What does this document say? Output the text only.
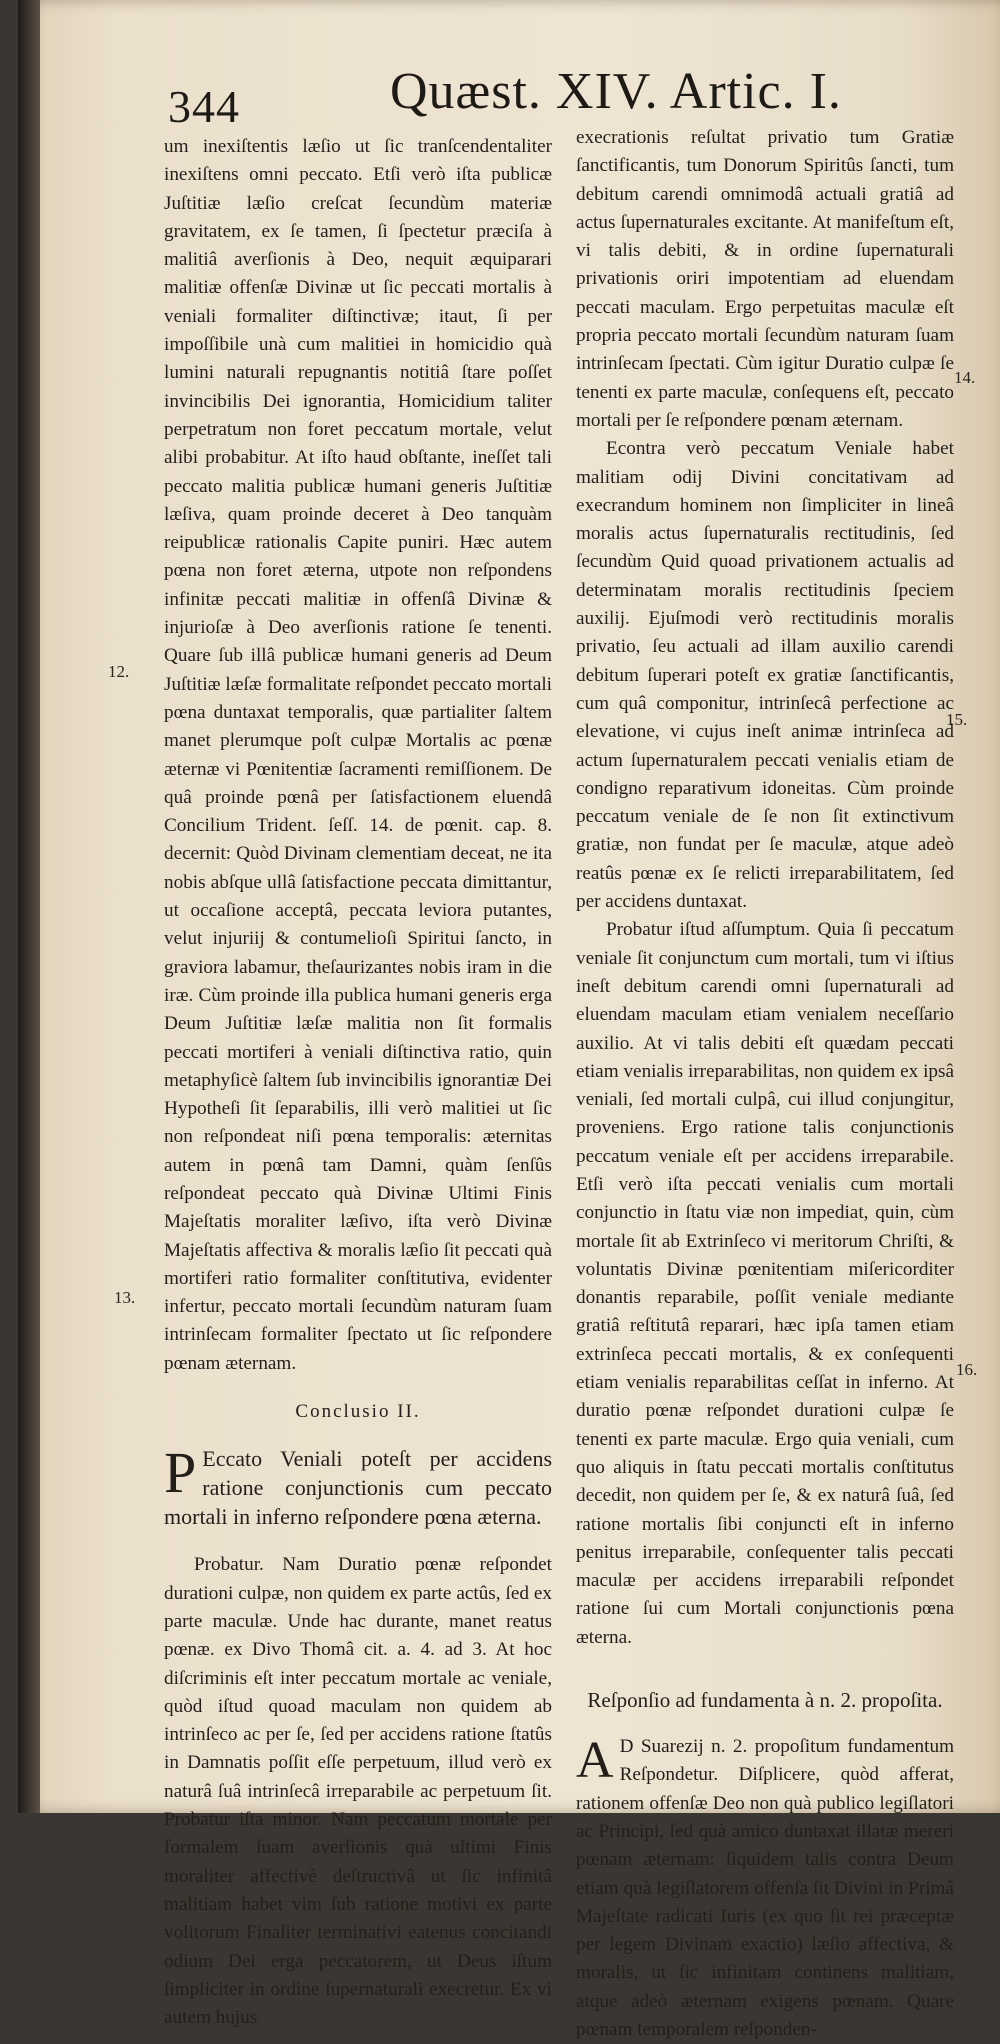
344	Quæst. XIV. Artic. I.

um inexiſtentis læſio ut ſic tranſcendentaliter inexiſtens omni peccato. Etſi verò iſta publicæ Juſtitiæ læſio creſcat ſecundùm materiæ gravitatem, ex ſe tamen, ſi ſpectetur præciſa à malitiâ averſionis à Deo, nequit æquiparari malitiæ offenſæ Divinæ ut ſic peccati mortalis à veniali formaliter diſtinctivæ; itaut, ſi per impoſſibile unà cum malitiei in homicidio quà lumini naturali repugnantis notitiâ ſtare poſſet invincibilis Dei ignorantia, Homicidium taliter perpetratum non foret peccatum mortale, velut alibi probabitur. At iſto haud obſtante, ineſſet tali peccato malitia publicæ humani generis Juſtitiæ læſiva, quam proinde deceret à Deo tanquàm reipublicæ rationalis Capite puniri. Hæc autem pœna non foret æterna, utpote non reſpondens infinitæ peccati malitiæ in offenſâ Divinæ & injurioſæ à Deo averſionis ratione ſe tenenti. Quare ſub illâ publicæ humani generis ad Deum Juſtitiæ læſæ formalitate reſpondet peccato mortali pœna duntaxat temporalis, quæ partialiter ſaltem manet plerumque poſt culpæ Mortalis ac pœnæ æternæ vi Pœnitentiæ ſacramenti remiſſionem. De quâ proinde pœnâ per ſatisfactionem eluendâ Concilium Trident. ſeſſ. 14. de pœnit. cap. 8. decernit: Quòd Divinam clementiam deceat, ne ita nobis abſque ullâ ſatisfactione peccata dimittantur, ut occaſione acceptâ, peccata leviora putantes, velut injuriĳ & contumelioſi Spiritui ſancto, in graviora labamur, theſaurizantes nobis iram in die iræ. Cùm proinde illa publica humani generis erga Deum Juſtitiæ læſæ malitia non ſit formalis peccati mortiferi à veniali diſtinctiva ratio, quin metaphyſicè ſaltem ſub invincibilis ignorantiæ Dei Hypotheſi ſit ſeparabilis, illi verò malitiei ut ſic non reſpondeat niſi pœna temporalis: æternitas autem in pœnâ tam Damni, quàm ſenſûs reſpondeat peccato quà Divinæ Ultimi Finis Majeſtatis moraliter læſivo, iſta verò Divinæ Majeſtatis affectiva & moralis læſio ſit peccati quà mortiferi ratio formaliter conſtitutiva, evidenter infertur, peccato mortali ſecundùm naturam ſuam intrinſecam formaliter ſpectato ut ſic reſpondere pœnam æternam.

Conclusio II.

P Eccato Veniali poteſt per accidens ratione conjunctionis cum peccato mortali in inferno reſpondere pœna æterna.

Probatur. Nam Duratio pœnæ reſpondet durationi culpæ, non quidem ex parte actûs, ſed ex parte maculæ. Unde hac durante, manet reatus pœnæ. ex Divo Thomâ cit. a. 4. ad 3. At hoc diſcriminis eſt inter peccatum mortale ac veniale, quòd iſtud quoad maculam non quidem ab intrinſeco ac per ſe, ſed per accidens ratione ſtatûs in Damnatis poſſit eſſe perpetuum, illud verò ex naturâ ſuâ intrinſecâ irreparabile ac perpetuum ſit. Probatur iſta minor. Nam peccatum mortale per formalem ſuam averſionis quà ultimi Finis moraliter affectivè deſtructivâ ut ſic infinitâ malitiam habet vim ſub ratione motivi ex parte volitorum Finaliter terminativi eatenus concitandi odium Dei erga peccatorem, ut Deus iſtum ſimpliciter in ordine ſupernaturali execretur. Ex vi autem hujus

execrationis reſultat privatio tum Gratiæ ſanctificantis, tum Donorum Spiritûs ſancti, tum debitum carendi omnimodâ actuali gratiâ ad actus ſupernaturales excitante. At manifeſtum eſt, vi talis debiti, & in ordine ſupernaturali privationis oriri impotentiam ad eluendam peccati maculam. Ergo perpetuitas maculæ eſt propria peccato mortali ſecundùm naturam ſuam intrinſecam ſpectati. Cùm igitur Duratio culpæ ſe tenenti ex parte maculæ, conſequens eſt, peccato mortali per ſe reſpondere pœnam æternam.

Econtra verò peccatum Veniale habet malitiam odij Divini concitativam ad execrandum hominem non ſimpliciter in lineâ moralis actus ſupernaturalis rectitudinis, ſed ſecundùm Quid quoad privationem actualis ad determinatam moralis rectitudinis ſpeciem auxilij. Ejuſmodi verò rectitudinis moralis privatio, ſeu actuali ad illam auxilio carendi debitum ſuperari poteſt ex gratiæ ſanctificantis, cum quâ componitur, intrinſecâ perfectione ac elevatione, vi cujus ineſt animæ intrinſeca ad actum ſupernaturalem peccati venialis etiam de condigno reparativum idoneitas. Cùm proinde peccatum veniale de ſe non ſit extinctivum gratiæ, non fundat per ſe maculæ, atque adeò reatûs pœnæ ex ſe relicti irreparabilitatem, ſed per accidens duntaxat.

Probatur iſtud aſſumptum. Quia ſi peccatum veniale ſit conjunctum cum mortali, tum vi iſtius ineſt debitum carendi omni ſupernaturali ad eluendam maculam etiam venialem neceſſario auxilio. At vi talis debiti eſt quædam peccati etiam venialis irreparabilitas, non quidem ex ipsâ veniali, ſed mortali culpâ, cui illud conjungitur, proveniens. Ergo ratione talis conjunctionis peccatum veniale eſt per accidens irreparabile. Etſi verò iſta peccati venialis cum mortali conjunctio in ſtatu viæ non impediat, quin, cùm mortale ſit ab Extrinſeco vi meritorum Chriſti, & voluntatis Divinæ pœnitentiam miſericorditer donantis reparabile, poſſit veniale mediante gratiâ reſtitutâ reparari, hæc ipſa tamen etiam extrinſeca peccati mortalis, & ex conſequenti etiam venialis reparabilitas ceſſat in inferno. At duratio pœnæ reſpondet durationi culpæ ſe tenenti ex parte maculæ. Ergo quia veniali, cum quo aliquis in ſtatu peccati mortalis conſtitutus decedit, non quidem per ſe, & ex naturâ ſuâ, ſed ratione mortalis ſibi conjuncti eſt in inferno penitus irreparabile, conſequenter talis peccati maculæ per accidens irreparabili reſpondet ratione ſui cum Mortali conjunctionis pœna æterna.

Reſponſio ad fundamenta à n. 2. propoſita.

A D Suarezij n. 2. propoſitum fundamentum Reſpondetur. Diſplicere, quòd afferat, rationem offenſæ Deo non quà publico legiſlatori ac Principi, ſed quà amico duntaxat illatæ mereri pœnam æternam: ſiquidem talis contra Deum etiam quà legiſlatorem offenſa ſit Divini in Primâ Majeſtate radicati Iuris (ex quo ſit rei præceptæ per legem Divinam exactio) læſio affectiva, & moralis, ut ſic infinitam continens malitiam, atque adeò æternam exigens pœnam. Quare pœnam temporalem reſponden-

12.
13.
14.
15.
16.
